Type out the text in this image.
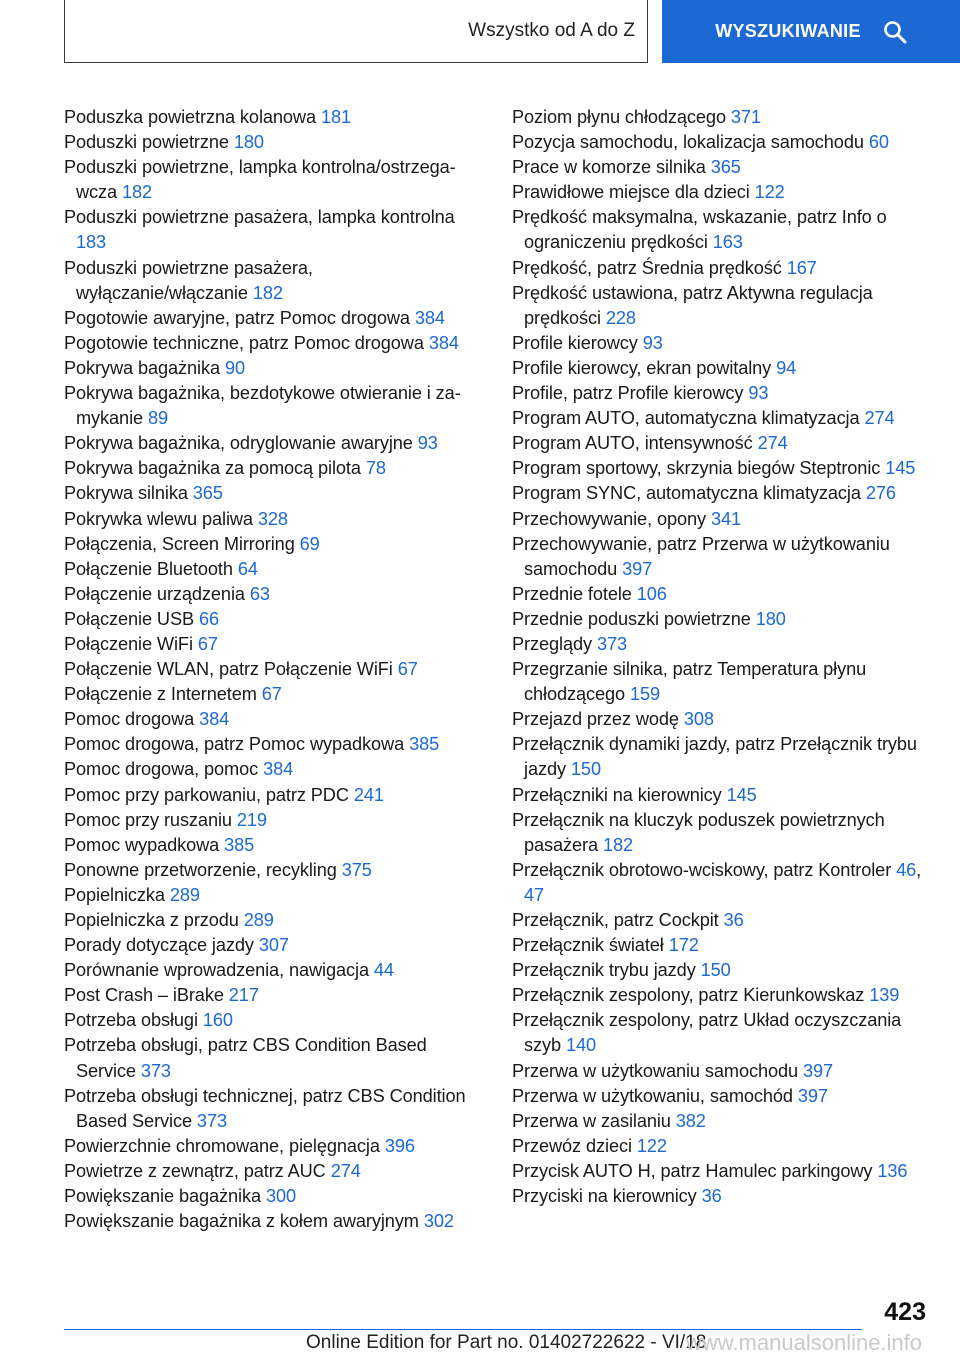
Wszystko od A do Z	WYSZUKIWANIE
Poduszka powietrzna kolanowa 181
Poduszki powietrzne 180
Poduszki powietrzne, lampka kontrolna/ostrzegawcza 182
Poduszki powietrzne pasażera, lampka kontrolna 183
Poduszki powietrzne pasażera, wyłączanie/włączanie 182
Pogotowie awaryjne, patrz Pomoc drogowa 384
Pogotowie techniczne, patrz Pomoc drogowa 384
Pokrywa bagażnika 90
Pokrywa bagażnika, bezdotykowe otwieranie i zamykanie 89
Pokrywa bagażnika, odryglowanie awaryjne 93
Pokrywa bagażnika za pomocą pilota 78
Pokrywa silnika 365
Pokrywka wlewu paliwa 328
Połączenia, Screen Mirroring 69
Połączenie Bluetooth 64
Połączenie urządzenia 63
Połączenie USB 66
Połączenie WiFi 67
Połączenie WLAN, patrz Połączenie WiFi 67
Połączenie z Internetem 67
Pomoc drogowa 384
Pomoc drogowa, patrz Pomoc wypadkowa 385
Pomoc drogowa, pomoc 384
Pomoc przy parkowaniu, patrz PDC 241
Pomoc przy ruszaniu 219
Pomoc wypadkowa 385
Ponowne przetworzenie, recykling 375
Popielniczka 289
Popielniczka z przodu 289
Porady dotyczące jazdy 307
Porównanie wprowadzenia, nawigacja 44
Post Crash – iBrake 217
Potrzeba obsługi 160
Potrzeba obsługi, patrz CBS Condition Based Service 373
Potrzeba obsługi technicznej, patrz CBS Condition Based Service 373
Powierzchnie chromowane, pielęgnacja 396
Powietrze z zewnątrz, patrz AUC 274
Powiększanie bagażnika 300
Powiększanie bagażnika z kołem awaryjnym 302
Poziom płynu chłodzącego 371
Pozycja samochodu, lokalizacja samochodu 60
Prace w komorze silnika 365
Prawidłowe miejsce dla dzieci 122
Prędkość maksymalna, wskazanie, patrz Info o ograniczeniu prędkości 163
Prędkość, patrz Średnia prędkość 167
Prędkość ustawiona, patrz Aktywna regulacja prędkości 228
Profile kierowcy 93
Profile kierowcy, ekran powitalny 94
Profile, patrz Profile kierowcy 93
Program AUTO, automatyczna klimatyzacja 274
Program AUTO, intensywność 274
Program sportowy, skrzynia biegów Steptronic 145
Program SYNC, automatyczna klimatyzacja 276
Przechowywanie, opony 341
Przechowywanie, patrz Przerwa w użytkowaniu samochodu 397
Przednie fotele 106
Przednie poduszki powietrzne 180
Przeglądy 373
Przegrzanie silnika, patrz Temperatura płynu chłodzącego 159
Przejazd przez wodę 308
Przełącznik dynamiki jazdy, patrz Przełącznik trybu jazdy 150
Przełączniki na kierownicy 145
Przełącznik na kluczyk poduszek powietrznych pasażera 182
Przełącznik obrotowo-wciskowy, patrz Kontroler 46, 47
Przełącznik, patrz Cockpit 36
Przełącznik świateł 172
Przełącznik trybu jazdy 150
Przełącznik zespolony, patrz Kierunkowskaz 139
Przełącznik zespolony, patrz Układ oczyszczania szyb 140
Przerwa w użytkowaniu samochodu 397
Przerwa w użytkowaniu, samochód 397
Przerwa w zasilaniu 382
Przewóz dzieci 122
Przycisk AUTO H, patrz Hamulec parkingowy 136
Przyciski na kierownicy 36
423
Online Edition for Part no. 01402722622 - VI/18
www.manualsonline.info
